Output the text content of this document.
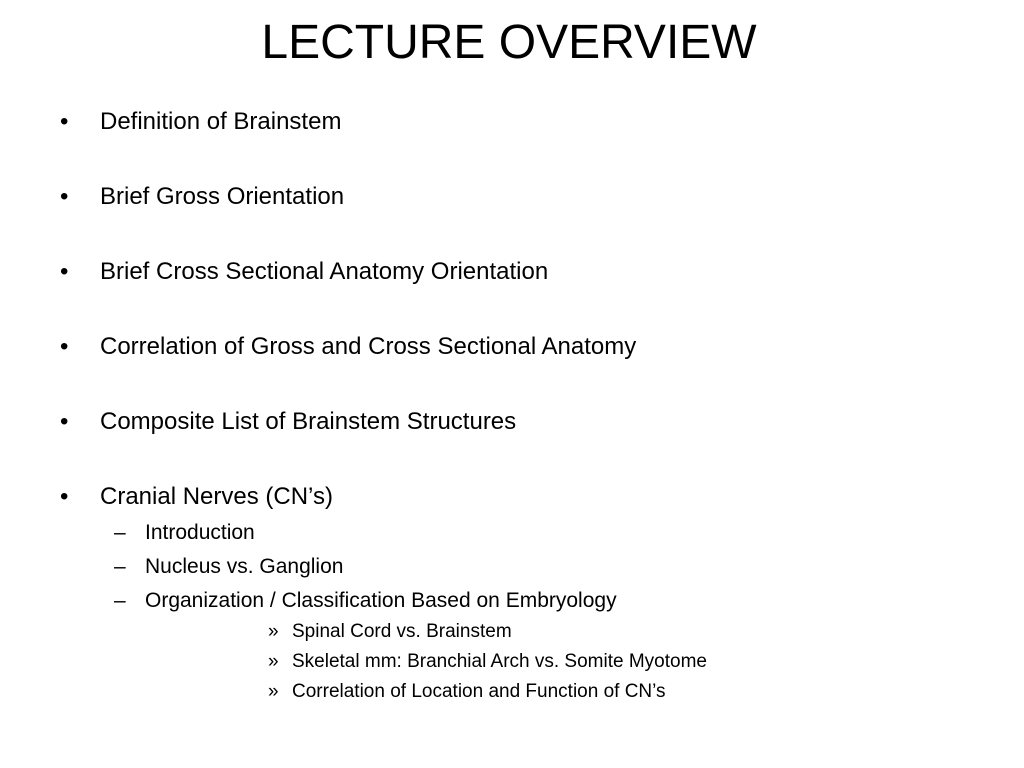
LECTURE OVERVIEW
• Definition of Brainstem
• Brief Gross Orientation
• Brief Cross Sectional Anatomy Orientation
• Correlation of Gross and Cross Sectional Anatomy
• Composite List of Brainstem Structures
• Cranial Nerves (CN’s)
– Introduction
– Nucleus vs. Ganglion
– Organization / Classification Based on Embryology
» Spinal Cord vs. Brainstem
» Skeletal mm: Branchial Arch vs. Somite Myotome
» Correlation of Location and Function of CN’s
